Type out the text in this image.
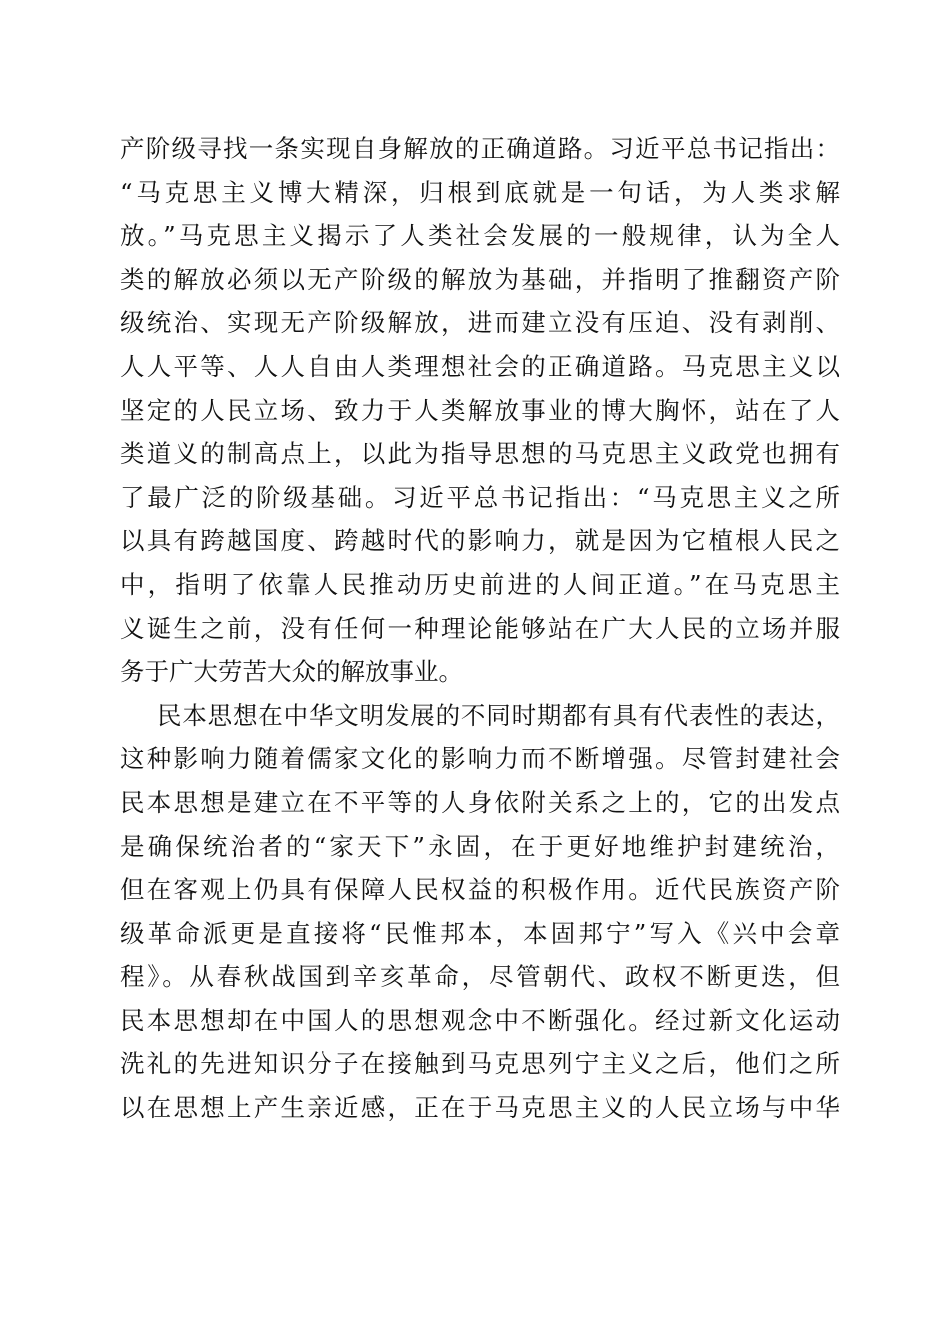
产阶级寻找一条实现自身解放的正确道路。习近平总书记指出：
“马克思主义博大精深，归根到底就是一句话，为人类求解
放。”马克思主义揭示了人类社会发展的一般规律，认为全人
类的解放必须以无产阶级的解放为基础，并指明了推翻资产阶
级统治、实现无产阶级解放，进而建立没有压迫、没有剥削、
人人平等、人人自由人类理想社会的正确道路。马克思主义以
坚定的人民立场、致力于人类解放事业的博大胸怀，站在了人
类道义的制高点上，以此为指导思想的马克思主义政党也拥有
了最广泛的阶级基础。习近平总书记指出：“马克思主义之所
以具有跨越国度、跨越时代的影响力，就是因为它植根人民之
中，指明了依靠人民推动历史前进的人间正道。”在马克思主
义诞生之前，没有任何一种理论能够站在广大人民的立场并服
务于广大劳苦大众的解放事业。
民本思想在中华文明发展的不同时期都有具有代表性的表达，
这种影响力随着儒家文化的影响力而不断增强。尽管封建社会
民本思想是建立在不平等的人身依附关系之上的，它的出发点
是确保统治者的“家天下”永固，在于更好地维护封建统治，
但在客观上仍具有保障人民权益的积极作用。近代民族资产阶
级革命派更是直接将“民惟邦本，本固邦宁”写入《兴中会章
程》。从春秋战国到辛亥革命，尽管朝代、政权不断更迭，但
民本思想却在中国人的思想观念中不断强化。经过新文化运动
洗礼的先进知识分子在接触到马克思列宁主义之后，他们之所
以在思想上产生亲近感，正在于马克思主义的人民立场与中华
